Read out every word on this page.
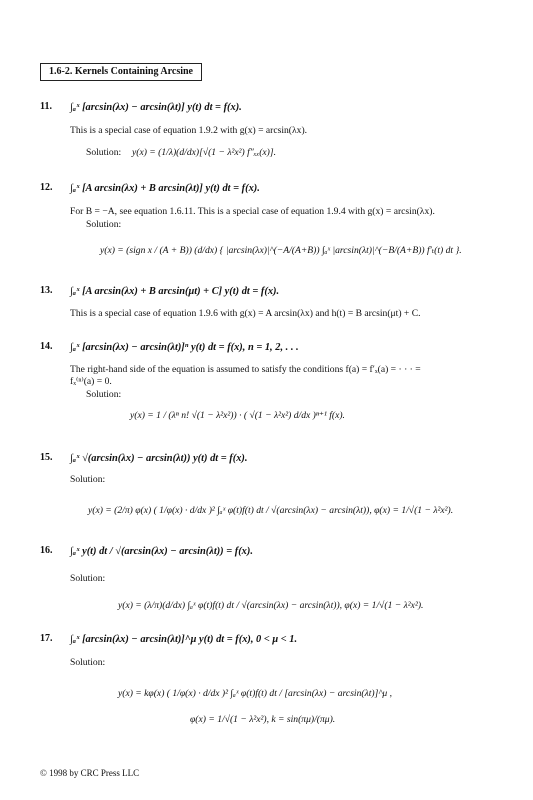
1.6-2. Kernels Containing Arcsine
11. ∫ₐˣ [arcsin(λx) − arcsin(λt)] y(t) dt = f(x).
This is a special case of equation 1.9.2 with g(x) = arcsin(λx).
Solution: y(x) = (1/λ)(d/dx)[√(1 − λ²x²) f″ₓₓ(x)].
12. ∫ₐˣ [A arcsin(λx) + B arcsin(λt)] y(t) dt = f(x).
For B = −A, see equation 1.6.11. This is a special case of equation 1.9.4 with g(x) = arcsin(λx).
Solution:
y(x) = (sign x / (A + B)) (d/dx) { |arcsin(λx)|^(−A/(A+B)) ∫ₐˣ |arcsin(λt)|^(−B/(A+B)) f′ₜ(t) dt }.
13. ∫ₐˣ [A arcsin(λx) + B arcsin(μt) + C] y(t) dt = f(x).
This is a special case of equation 1.9.6 with g(x) = A arcsin(λx) and h(t) = B arcsin(μt) + C.
14. ∫ₐˣ [arcsin(λx) − arcsin(λt)]ⁿ y(t) dt = f(x), n = 1, 2, . . .
The right-hand side of the equation is assumed to satisfy the conditions f(a) = f′ₓ(a) = · · · =
fₓ⁽ⁿ⁾(a) = 0.
Solution:
y(x) = 1 / (λⁿ n! √(1 − λ²x²)) · ( √(1 − λ²x²) d/dx )ⁿ⁺¹ f(x).
15. ∫ₐˣ √(arcsin(λx) − arcsin(λt)) y(t) dt = f(x).
Solution:
y(x) = (2/π) φ(x) ( 1/φ(x) · d/dx )² ∫ₐˣ φ(t)f(t) dt / √(arcsin(λx) − arcsin(λt)), φ(x) = 1/√(1 − λ²x²).
16. ∫ₐˣ y(t) dt / √(arcsin(λx) − arcsin(λt)) = f(x).
Solution:
y(x) = (λ/π)(d/dx) ∫ₐˣ φ(t)f(t) dt / √(arcsin(λx) − arcsin(λt)), φ(x) = 1/√(1 − λ²x²).
17. ∫ₐˣ [arcsin(λx) − arcsin(λt)]^μ y(t) dt = f(x), 0 < μ < 1.
Solution:
y(x) = kφ(x) ( 1/φ(x) · d/dx )² ∫ₐˣ φ(t)f(t) dt / [arcsin(λx) − arcsin(λt)]^μ ,
φ(x) = 1/√(1 − λ²x²), k = sin(πμ)/(πμ).
© 1998 by CRC Press LLC
